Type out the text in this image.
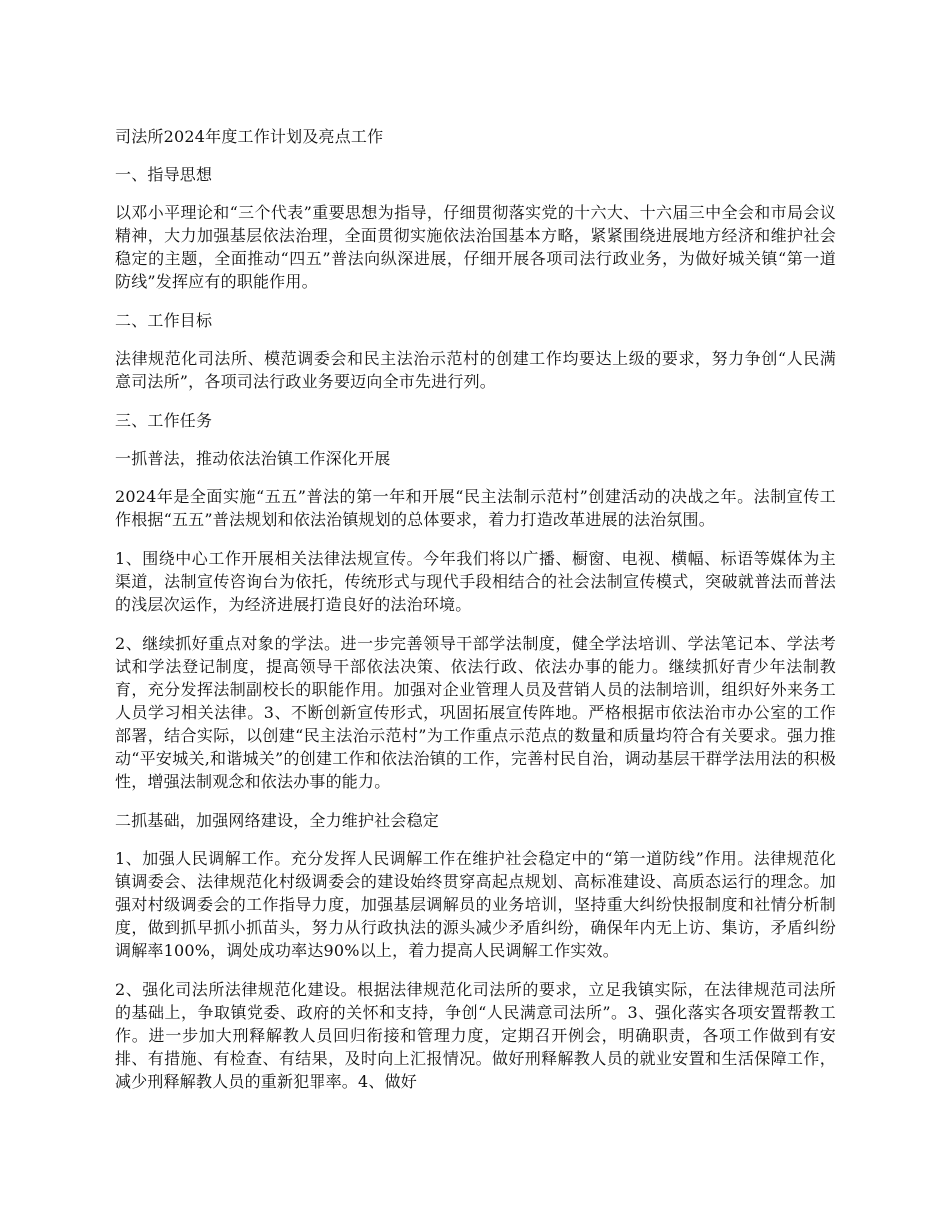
司法所2024年度工作计划及亮点工作

一、指导思想

以邓小平理论和“三个代表”重要思想为指导，仔细贯彻落实党的十六大、十六届三中全会和市局会议精神，大力加强基层依法治理，全面贯彻实施依法治国基本方略，紧紧围绕进展地方经济和维护社会稳定的主题，全面推动“四五”普法向纵深进展，仔细开展各项司法行政业务，为做好城关镇“第一道防线”发挥应有的职能作用。

二、工作目标

法律规范化司法所、模范调委会和民主法治示范村的创建工作均要达上级的要求，努力争创“人民满意司法所”，各项司法行政业务要迈向全市先进行列。

三、工作任务

一抓普法，推动依法治镇工作深化开展

2024年是全面实施“五五”普法的第一年和开展“民主法制示范村”创建活动的决战之年。法制宣传工作根据“五五”普法规划和依法治镇规划的总体要求，着力打造改革进展的法治氛围。

1、围绕中心工作开展相关法律法规宣传。今年我们将以广播、橱窗、电视、横幅、标语等媒体为主渠道，法制宣传咨询台为依托，传统形式与现代手段相结合的社会法制宣传模式，突破就普法而普法的浅层次运作，为经济进展打造良好的法治环境。

2、继续抓好重点对象的学法。进一步完善领导干部学法制度，健全学法培训、学法笔记本、学法考试和学法登记制度，提高领导干部依法决策、依法行政、依法办事的能力。继续抓好青少年法制教育，充分发挥法制副校长的职能作用。加强对企业管理人员及营销人员的法制培训，组织好外来务工人员学习相关法律。3、不断创新宣传形式，巩固拓展宣传阵地。严格根据市依法治市办公室的工作部署，结合实际，以创建“民主法治示范村”为工作重点示范点的数量和质量均符合有关要求。强力推动“平安城关,和谐城关”的创建工作和依法治镇的工作，完善村民自治，调动基层干群学法用法的积极性，增强法制观念和依法办事的能力。

二抓基础，加强网络建设，全力维护社会稳定

1、加强人民调解工作。充分发挥人民调解工作在维护社会稳定中的“第一道防线”作用。法律规范化镇调委会、法律规范化村级调委会的建设始终贯穿高起点规划、高标准建设、高质态运行的理念。加强对村级调委会的工作指导力度，加强基层调解员的业务培训，坚持重大纠纷快报制度和社情分析制度，做到抓早抓小抓苗头，努力从行政执法的源头减少矛盾纠纷，确保年内无上访、集访，矛盾纠纷调解率100%，调处成功率达90%以上，着力提高人民调解工作实效。

2、强化司法所法律规范化建设。根据法律规范化司法所的要求，立足我镇实际，在法律规范司法所的基础上，争取镇党委、政府的关怀和支持，争创“人民满意司法所”。3、强化落实各项安置帮教工作。进一步加大刑释解教人员回归衔接和管理力度，定期召开例会，明确职责，各项工作做到有安排、有措施、有检查、有结果，及时向上汇报情况。做好刑释解教人员的就业安置和生活保障工作，减少刑释解教人员的重新犯罪率。4、做好
